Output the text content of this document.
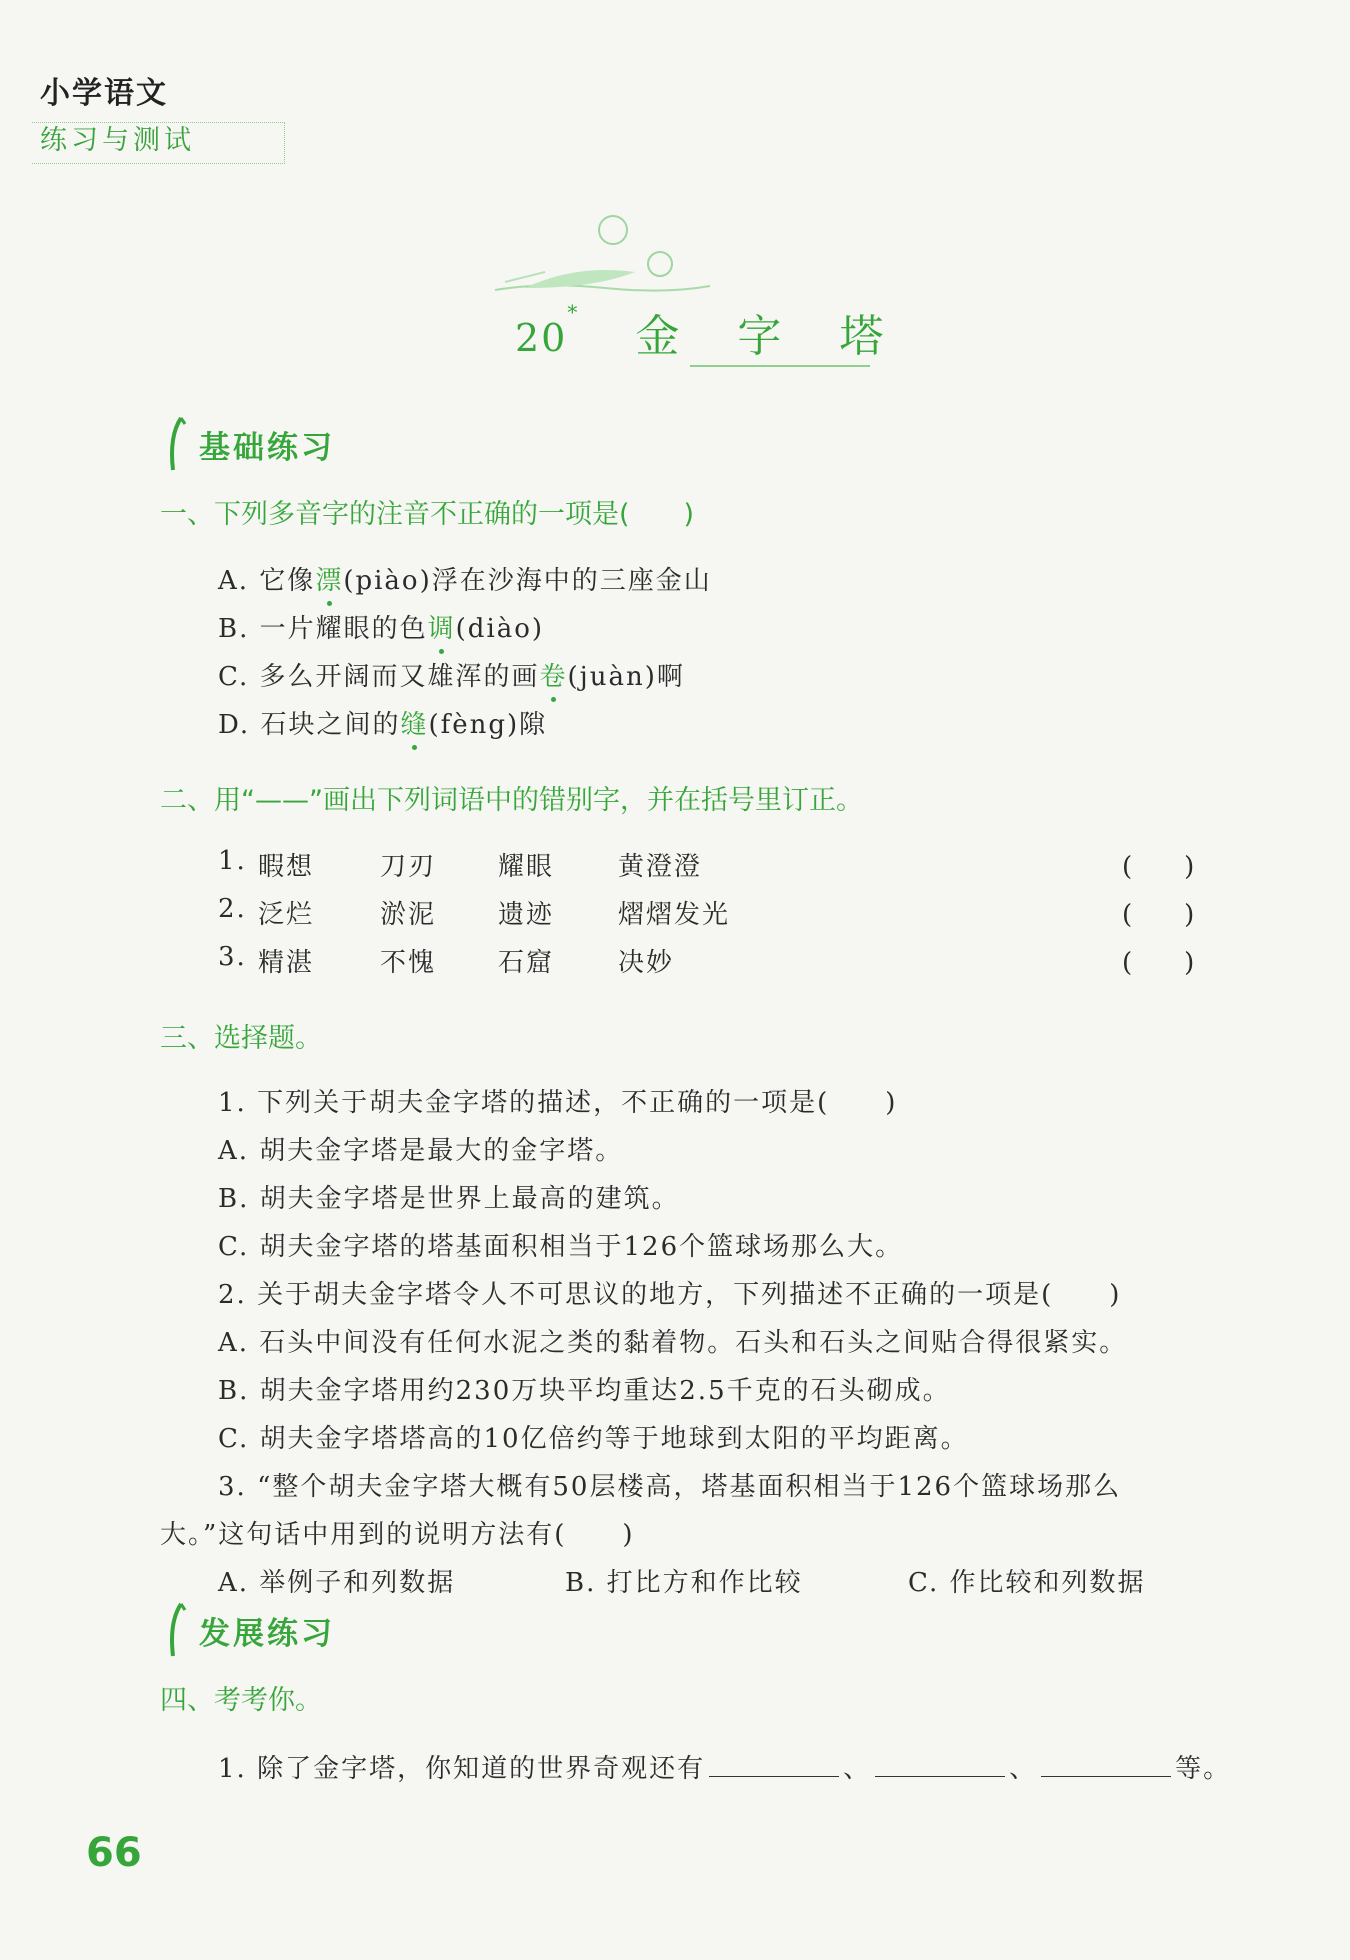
小学语文
练习与测试
20* 金 字 塔
基础练习
一、下列多音字的注音不正确的一项是(　　)
A. 它像漂(piào)浮在沙海中的三座金山
B. 一片耀眼的色调(diào)
C. 多么开阔而又雄浑的画卷(juàn)啊
D. 石块之间的缝(fèng)隙
二、用“——”画出下列词语中的错别字，并在括号里订正。
1. 暇想	刀刃 耀眼 黄澄澄	(　　)
2. 泛烂	淤泥 遗迹 熠熠发光	(　　)
3. 精湛	不愧 石窟 决妙	(　　)
三、选择题。
1. 下列关于胡夫金字塔的描述，不正确的一项是(　　)
A. 胡夫金字塔是最大的金字塔。
B. 胡夫金字塔是世界上最高的建筑。
C. 胡夫金字塔的塔基面积相当于126个篮球场那么大。
2. 关于胡夫金字塔令人不可思议的地方，下列描述不正确的一项是(　　)
A. 石头中间没有任何水泥之类的黏着物。石头和石头之间贴合得很紧实。
B. 胡夫金字塔用约230万块平均重达2.5千克的石头砌成。
C. 胡夫金字塔塔高的10亿倍约等于地球到太阳的平均距离。
3. “整个胡夫金字塔大概有50层楼高，塔基面积相当于126个篮球场那么
大。”这句话中用到的说明方法有(　　)
A. 举例子和列数据	B. 打比方和作比较	C. 作比较和列数据
发展练习
四、考考你。
1. 除了金字塔，你知道的世界奇观还有	、	、	等。
66
